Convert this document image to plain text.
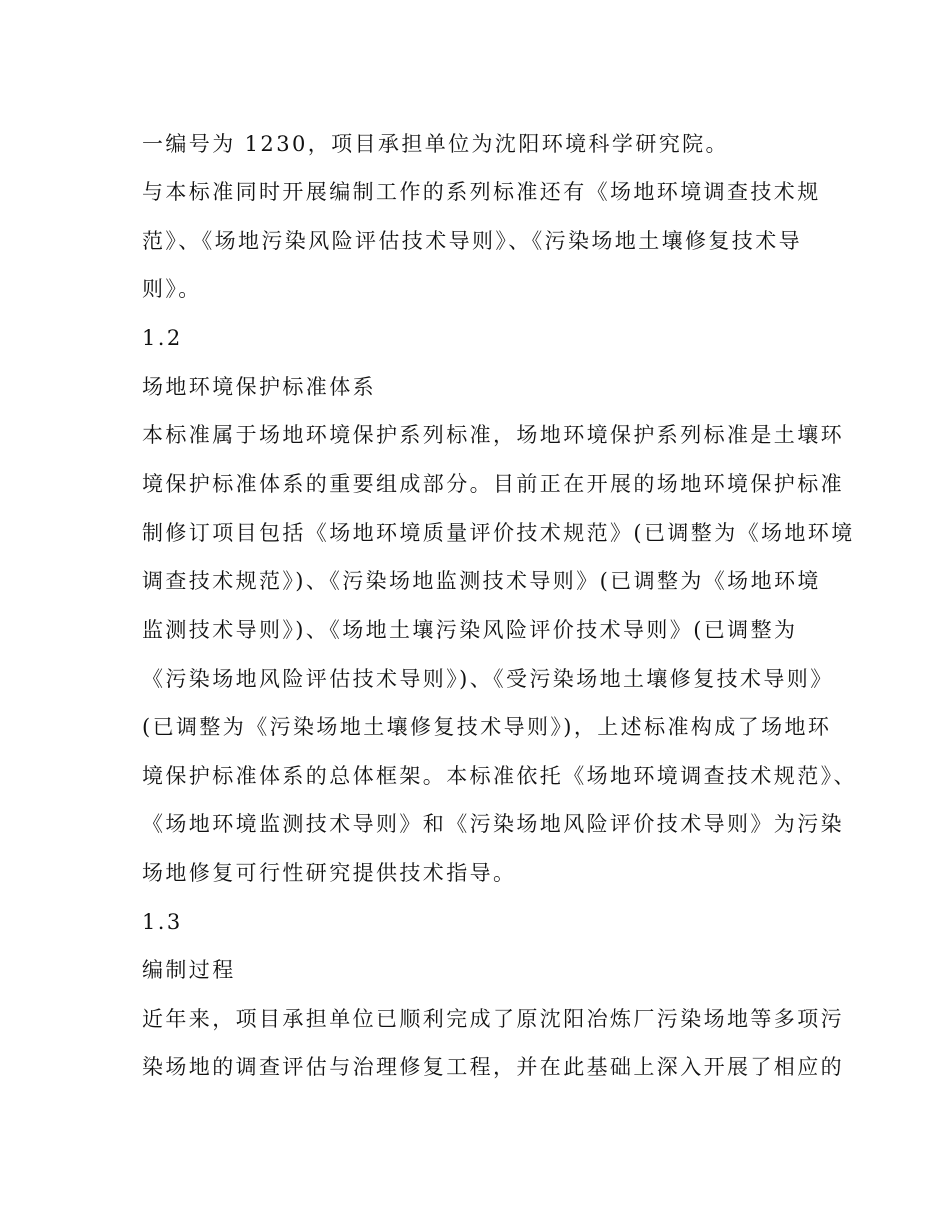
一编号为 1230，项目承担单位为沈阳环境科学研究院。
与本标准同时开展编制工作的系列标准还有《场地环境调查技术规
范》、《场地污染风险评估技术导则》、《污染场地土壤修复技术导
则》。
1.2
场地环境保护标准体系
本标准属于场地环境保护系列标准，场地环境保护系列标准是土壤环
境保护标准体系的重要组成部分。目前正在开展的场地环境保护标准
制修订项目包括《场地环境质量评价技术规范》(已调整为《场地环境
调查技术规范》)、《污染场地监测技术导则》(已调整为《场地环境
监测技术导则》)、《场地土壤污染风险评价技术导则》(已调整为
《污染场地风险评估技术导则》)、《受污染场地土壤修复技术导则》
(已调整为《污染场地土壤修复技术导则》)，上述标准构成了场地环
境保护标准体系的总体框架。本标准依托《场地环境调查技术规范》、
《场地环境监测技术导则》和《污染场地风险评价技术导则》为污染
场地修复可行性研究提供技术指导。
1.3
编制过程
近年来，项目承担单位已顺利完成了原沈阳冶炼厂污染场地等多项污
染场地的调查评估与治理修复工程，并在此基础上深入开展了相应的
